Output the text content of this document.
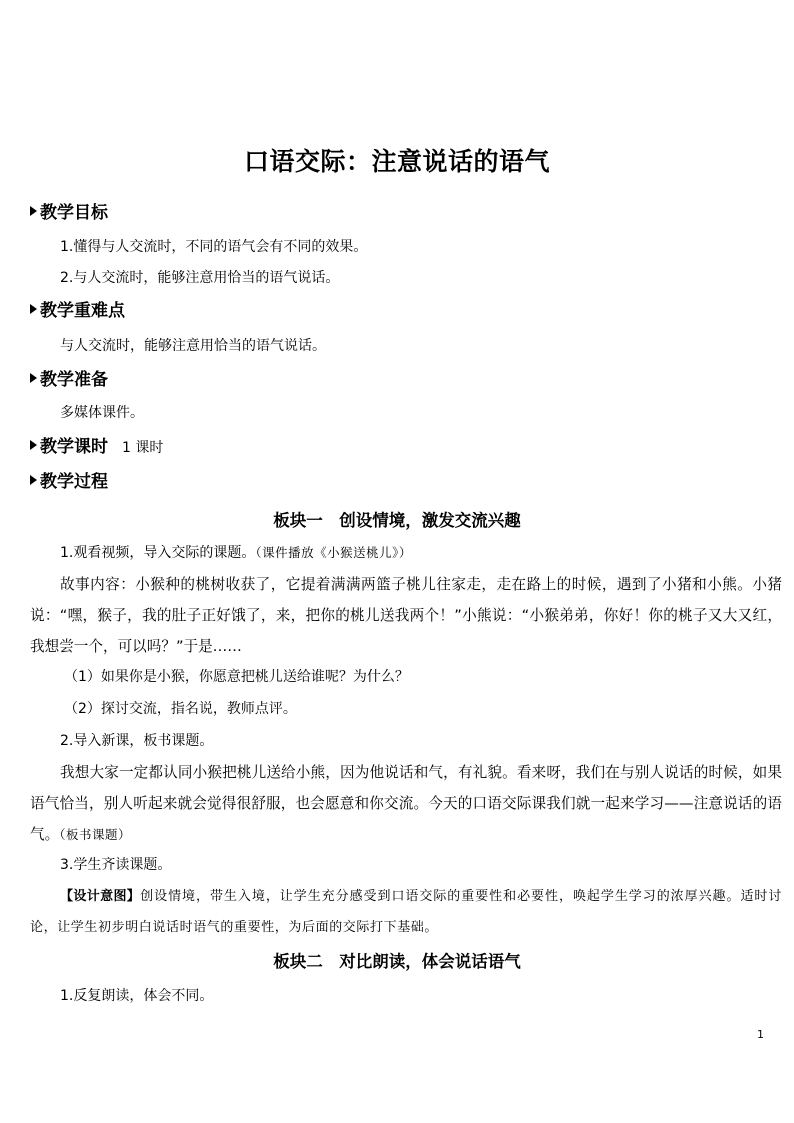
口语交际：注意说话的语气
教学目标
1.懂得与人交流时，不同的语气会有不同的效果。
2.与人交流时，能够注意用恰当的语气说话。
教学重难点
与人交流时，能够注意用恰当的语气说话。
教学准备
多媒体课件。
教学课时 1 课时
教学过程
板块一　创设情境，激发交流兴趣
1.观看视频，导入交际的课题。（课件播放《小猴送桃儿》）
故事内容：小猴种的桃树收获了，它提着满满两篮子桃儿往家走，走在路上的时候，遇到了小猪和小熊。小猪说：“嘿，猴子，我的肚子正好饿了，来，把你的桃儿送我两个！”小熊说：“小猴弟弟，你好！你的桃子又大又红，我想尝一个，可以吗？”于是……
（1）如果你是小猴，你愿意把桃儿送给谁呢？为什么？
（2）探讨交流，指名说，教师点评。
2.导入新课，板书课题。
我想大家一定都认同小猴把桃儿送给小熊，因为他说话和气，有礼貌。看来呀，我们在与别人说话的时候，如果语气恰当，别人听起来就会觉得很舒服，也会愿意和你交流。今天的口语交际课我们就一起来学习——注意说话的语气。（板书课题）
3.学生齐读课题。
【设计意图】创设情境，带生入境，让学生充分感受到口语交际的重要性和必要性，唤起学生学习的浓厚兴趣。适时讨论，让学生初步明白说话时语气的重要性，为后面的交际打下基础。
板块二　对比朗读，体会说话语气
1.反复朗读，体会不同。
1
